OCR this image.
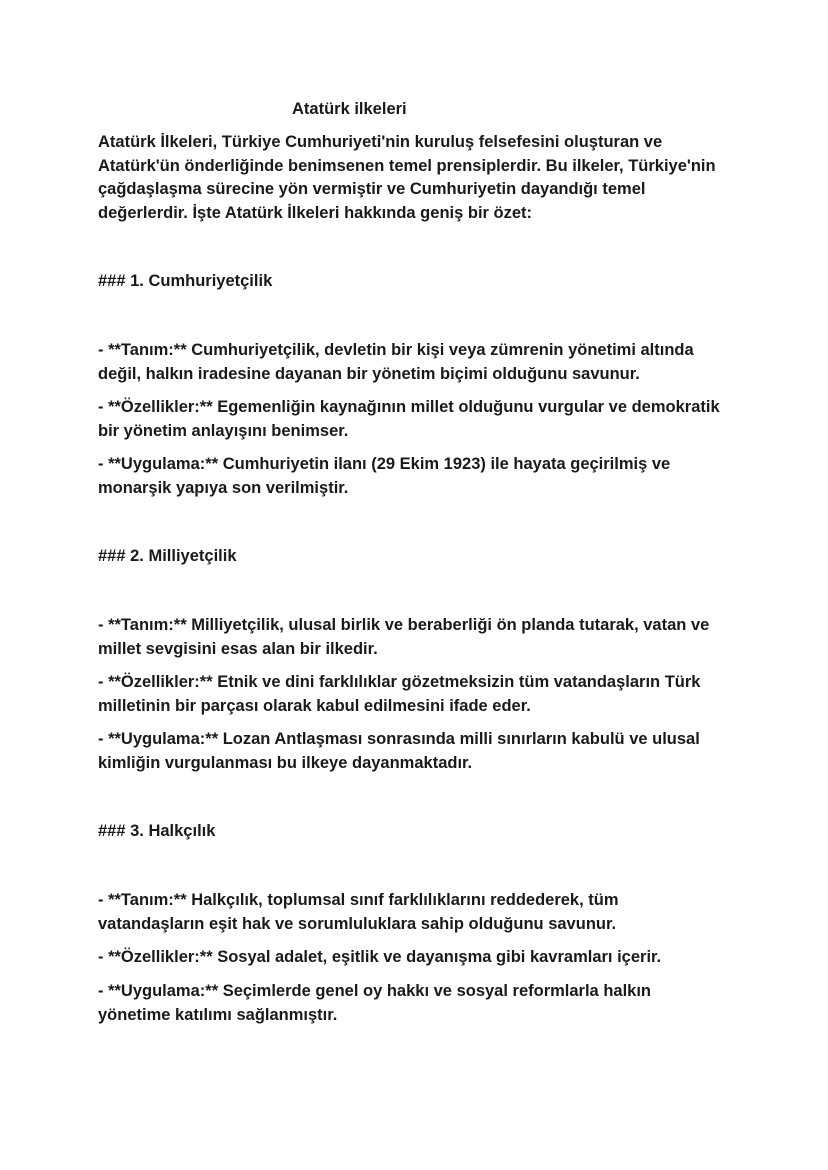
Atatürk ilkeleri

Atatürk İlkeleri, Türkiye Cumhuriyeti'nin kuruluş felsefesini oluşturan ve
Atatürk'ün önderliğinde benimsenen temel prensiplerdir. Bu ilkeler, Türkiye'nin
çağdaşlaşma sürecine yön vermiştir ve Cumhuriyetin dayandığı temel
değerlerdir. İşte Atatürk İlkeleri hakkında geniş bir özet:

### 1. Cumhuriyetçilik

- **Tanım:** Cumhuriyetçilik, devletin bir kişi veya zümrenin yönetimi altında
değil, halkın iradesine dayanan bir yönetim biçimi olduğunu savunur.

- **Özellikler:** Egemenliğin kaynağının millet olduğunu vurgular ve demokratik
bir yönetim anlayışını benimser.

- **Uygulama:** Cumhuriyetin ilanı (29 Ekim 1923) ile hayata geçirilmiş ve
monarşik yapıya son verilmiştir.

### 2. Milliyetçilik

- **Tanım:** Milliyetçilik, ulusal birlik ve beraberliği ön planda tutarak, vatan ve
millet sevgisini esas alan bir ilkedir.

- **Özellikler:** Etnik ve dini farklılıklar gözetmeksizin tüm vatandaşların Türk
milletinin bir parçası olarak kabul edilmesini ifade eder.

- **Uygulama:** Lozan Antlaşması sonrasında milli sınırların kabulü ve ulusal
kimliğin vurgulanması bu ilkeye dayanmaktadır.

### 3. Halkçılık

- **Tanım:** Halkçılık, toplumsal sınıf farklılıklarını reddederek, tüm
vatandaşların eşit hak ve sorumluluklara sahip olduğunu savunur.

- **Özellikler:** Sosyal adalet, eşitlik ve dayanışma gibi kavramları içerir.

- **Uygulama:** Seçimlerde genel oy hakkı ve sosyal reformlarla halkın
yönetime katılımı sağlanmıştır.
